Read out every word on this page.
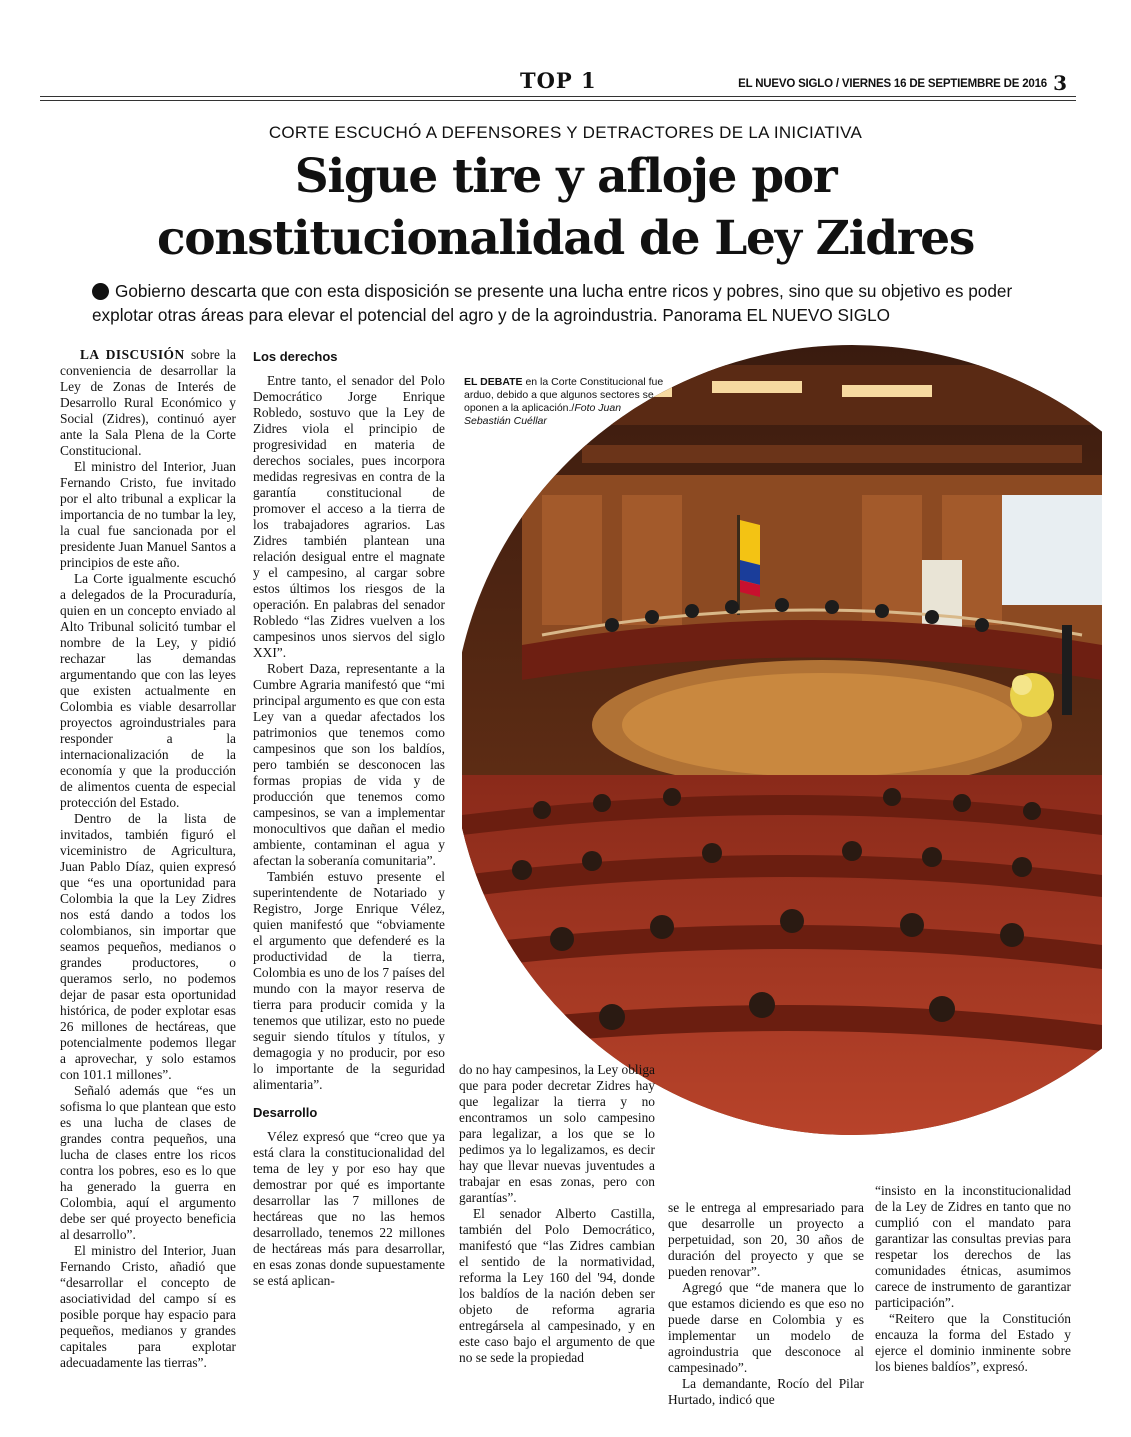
TOP 1	EL NUEVO SIGLO / VIERNES 16 DE SEPTIEMBRE DE 2016 3
CORTE ESCUCHÓ A DEFENSORES Y DETRACTORES DE LA INICIATIVA
Sigue tire y afloje por
constitucionalidad de Ley Zidres
Gobierno descarta que con esta disposición se presente una lucha entre ricos y pobres, sino que su objetivo es poder explotar otras áreas para elevar el potencial del agro y de la agroindustria. Panorama EL NUEVO SIGLO
EL DEBATE en la Corte Constitucional fue arduo, debido a que algunos sectores se oponen a la aplicación./Foto Juan Sebastián Cuéllar

LA DISCUSIÓN sobre la conveniencia de desarrollar la Ley de Zonas de Interés de Desarrollo Rural Económico y Social (Zidres), continuó ayer ante la Sala Plena de la Corte Constitucional.

El ministro del Interior, Juan Fernando Cristo, fue invitado por el alto tribunal a explicar la importancia de no tumbar la ley, la cual fue sancionada por el presidente Juan Manuel Santos a principios de este año.

La Corte igualmente escuchó a delegados de la Procuraduría, quien en un concepto enviado al Alto Tribunal solicitó tumbar el nombre de la Ley, y pidió rechazar las demandas argumentando que con las leyes que existen actualmente en Colombia es viable desarrollar proyectos agroindustriales para responder a la internacionalización de la economía y que la producción de alimentos cuenta de especial protección del Estado.

Dentro de la lista de invitados, también figuró el viceministro de Agricultura, Juan Pablo Díaz, quien expresó que “es una oportunidad para Colombia la que la Ley Zidres nos está dando a todos los colombianos, sin importar que seamos pequeños, medianos o grandes productores, o queramos serlo, no podemos dejar de pasar esta oportunidad histórica, de poder explotar esas 26 millones de hectáreas, que potencialmente podemos llegar a aprovechar, y solo estamos con 101.1 millones”.

Señaló además que “es un sofisma lo que plantean que esto es una lucha de clases de grandes contra pequeños, una lucha de clases entre los ricos contra los pobres, eso es lo que ha generado la guerra en Colombia, aquí el argumento debe ser qué proyecto beneficia al desarrollo”.

El ministro del Interior, Juan Fernando Cristo, añadió que “desarrollar el concepto de asociatividad del campo sí es posible porque hay espacio para pequeños, medianos y grandes capitales para explotar adecuadamente las tierras”.

Los derechos

Entre tanto, el senador del Polo Democrático Jorge Enrique Robledo, sostuvo que la Ley de Zidres viola el principio de progresividad en materia de derechos sociales, pues incorpora medidas regresivas en contra de la garantía constitucional de promover el acceso a la tierra de los trabajadores agrarios. Las Zidres también plantean una relación desigual entre el magnate y el campesino, al cargar sobre estos últimos los riesgos de la operación. En palabras del senador Robledo “las Zidres vuelven a los campesinos unos siervos del siglo XXI”.

Robert Daza, representante a la Cumbre Agraria manifestó que “mi principal argumento es que con esta Ley van a quedar afectados los patrimonios que tenemos como campesinos que son los baldíos, pero también se desconocen las formas propias de vida y de producción que tenemos como campesinos, se van a implementar monocultivos que dañan el medio ambiente, contaminan el agua y afectan la soberanía comunitaria”.

También estuvo presente el superintendente de Notariado y Registro, Jorge Enrique Vélez, quien manifestó que “obviamente el argumento que defenderé es la productividad de la tierra, Colombia es uno de los 7 países del mundo con la mayor reserva de tierra para producir comida y la tenemos que utilizar, esto no puede seguir siendo títulos y títulos, y demagogia y no producir, por eso lo importante de la seguridad alimentaria”.

Desarrollo

Vélez expresó que “creo que ya está clara la constitucionalidad del tema de ley y por eso hay que demostrar por qué es importante desarrollar las 7 millones de hectáreas que no las hemos desarrollado, tenemos 22 millones de hectáreas más para desarrollar, en esas zonas donde supuestamente se está aplican-

do no hay campesinos, la Ley obliga que para poder decretar Zidres hay que legalizar la tierra y no encontramos un solo campesino para legalizar, a los que se lo pedimos ya lo legalizamos, es decir hay que llevar nuevas juventudes a trabajar en esas zonas, pero con garantías”.

El senador Alberto Castilla, también del Polo Democrático, manifestó que “las Zidres cambian el sentido de la normatividad, reforma la Ley 160 del '94, donde los baldíos de la nación deben ser objeto de reforma agraria entregársela al campesinado, y en este caso bajo el argumento de que no se sede la propiedad

se le entrega al empresariado para que desarrolle un proyecto a perpetuidad, son 20, 30 años de duración del proyecto y que se pueden renovar”.

Agregó que “de manera que lo que estamos diciendo es que eso no puede darse en Colombia y es implementar un modelo de agroindustria que desconoce al campesinado”.

La demandante, Rocío del Pilar Hurtado, indicó que

“insisto en la inconstitucionalidad de la Ley de Zidres en tanto que no cumplió con el mandato para garantizar las consultas previas para respetar los derechos de las comunidades étnicas, asumimos carece de instrumento de garantizar participación”.

“Reitero que la Constitución encauza la forma del Estado y ejerce el dominio inminente sobre los bienes baldíos”, expresó.
